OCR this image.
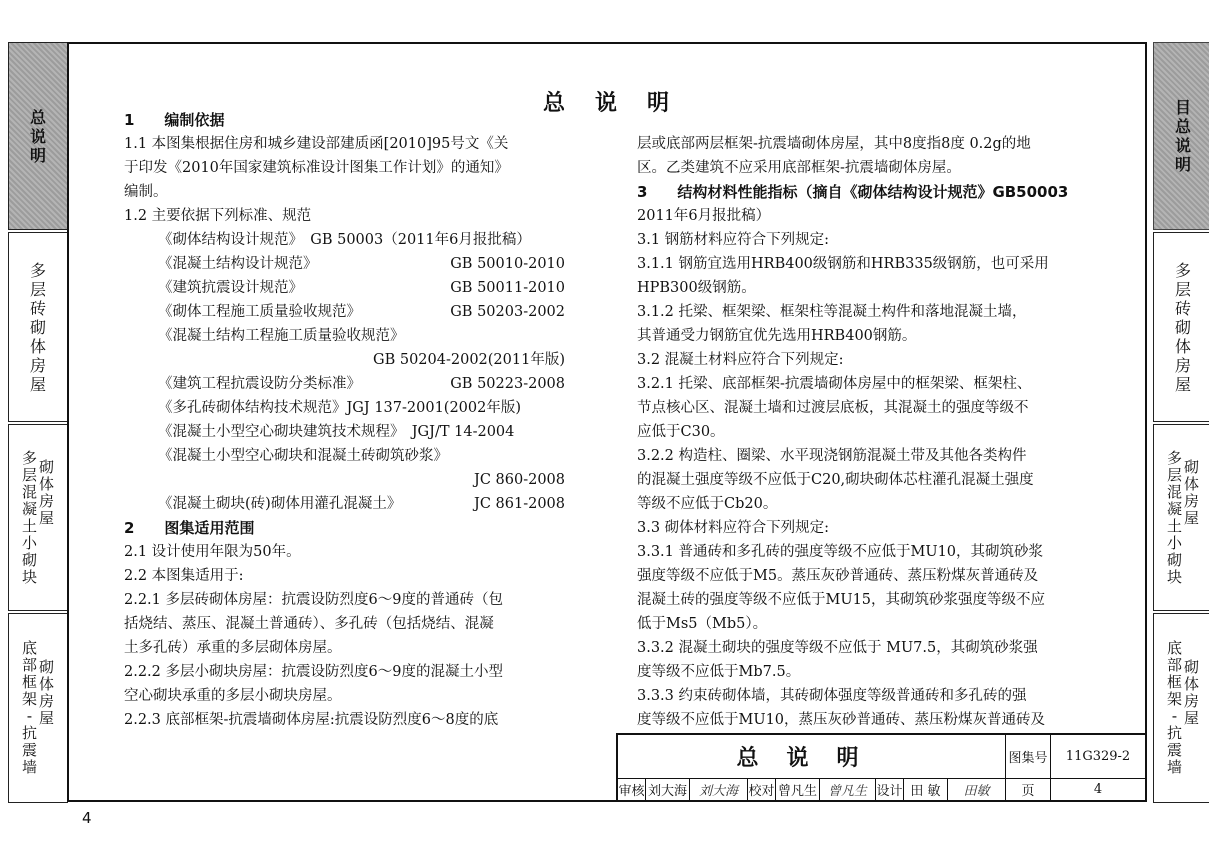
总
说
明
多
层
砖
砌
体
房
屋
多
层
混
凝
土
小
砌
块
砌
体
房
屋
底
部
框
架
-
抗
震
墙
砌
体
房
屋
目
总
说
明
多
层
砖
砌
体
房
屋
多
层
混
凝
土
小
砌
块
砌
体
房
屋
底
部
框
架
-
抗
震
墙
砌
体
房
屋
总说明
1　　编制依据
1.1 本图集根据住房和城乡建设部建质函[2010]95号文《关
于印发《2010年国家建筑标准设计图集工作计划》的通知》
编制。
1.2 主要依据下列标准、规范
《砌体结构设计规范》　GB 50003（2011年6月报批稿）
《混凝土结构设计规范》	GB 50010-2010
《建筑抗震设计规范》	GB 50011-2010
《砌体工程施工质量验收规范》	GB 50203-2002
《混凝土结构工程施工质量验收规范》
GB 50204-2002(2011年版)
《建筑工程抗震设防分类标准》	GB 50223-2008
《多孔砖砌体结构技术规范》JGJ 137-2001(2002年版)
《混凝土小型空心砌块建筑技术规程》　JGJ/T 14-2004
《混凝土小型空心砌块和混凝土砖砌筑砂浆》
JC 860-2008
《混凝土砌块(砖)砌体用灌孔混凝土》	JC 861-2008
2　　图集适用范围
2.1 设计使用年限为50年。
2.2 本图集适用于:
2.2.1 多层砖砌体房屋：抗震设防烈度6～9度的普通砖（包
括烧结、蒸压、混凝土普通砖）、多孔砖（包括烧结、混凝
土多孔砖）承重的多层砌体房屋。
2.2.2 多层小砌块房屋：抗震设防烈度6～9度的混凝土小型
空心砌块承重的多层小砌块房屋。
2.2.3 底部框架-抗震墙砌体房屋:抗震设防烈度6～8度的底
层或底部两层框架-抗震墙砌体房屋，其中8度指8度 0.2g的地
区。乙类建筑不应采用底部框架-抗震墙砌体房屋。
3　　结构材料性能指标（摘自《砌体结构设计规范》GB50003
2011年6月报批稿）
3.1 钢筋材料应符合下列规定:
3.1.1 钢筋宜选用HRB400级钢筋和HRB335级钢筋，也可采用
HPB300级钢筋。
3.1.2 托梁、框架梁、框架柱等混凝土构件和落地混凝土墙，
其普通受力钢筋宜优先选用HRB400钢筋。
3.2 混凝土材料应符合下列规定:
3.2.1 托梁、底部框架-抗震墙砌体房屋中的框架梁、框架柱、
节点核心区、混凝土墙和过渡层底板，其混凝土的强度等级不
应低于C30。
3.2.2 构造柱、圈梁、水平现浇钢筋混凝土带及其他各类构件
的混凝土强度等级不应低于C20,砌块砌体芯柱灌孔混凝土强度
等级不应低于Cb20。
3.3 砌体材料应符合下列规定:
3.3.1 普通砖和多孔砖的强度等级不应低于MU10，其砌筑砂浆
强度等级不应低于M5。蒸压灰砂普通砖、蒸压粉煤灰普通砖及
混凝土砖的强度等级不应低于MU15，其砌筑砂浆强度等级不应
低于Ms5（Mb5）。
3.3.2 混凝土砌块的强度等级不应低于 MU7.5，其砌筑砂浆强
度等级不应低于Mb7.5。
3.3.3 约束砖砌体墙，其砖砌体强度等级普通砖和多孔砖的强
度等级不应低于MU10，蒸压灰砂普通砖、蒸压粉煤灰普通砖及
总说明	图集号 11G329-2
审核 刘大海 刘大海 校对 曾凡生 曾凡生 设计 田 敏 田敏 页	4
4
